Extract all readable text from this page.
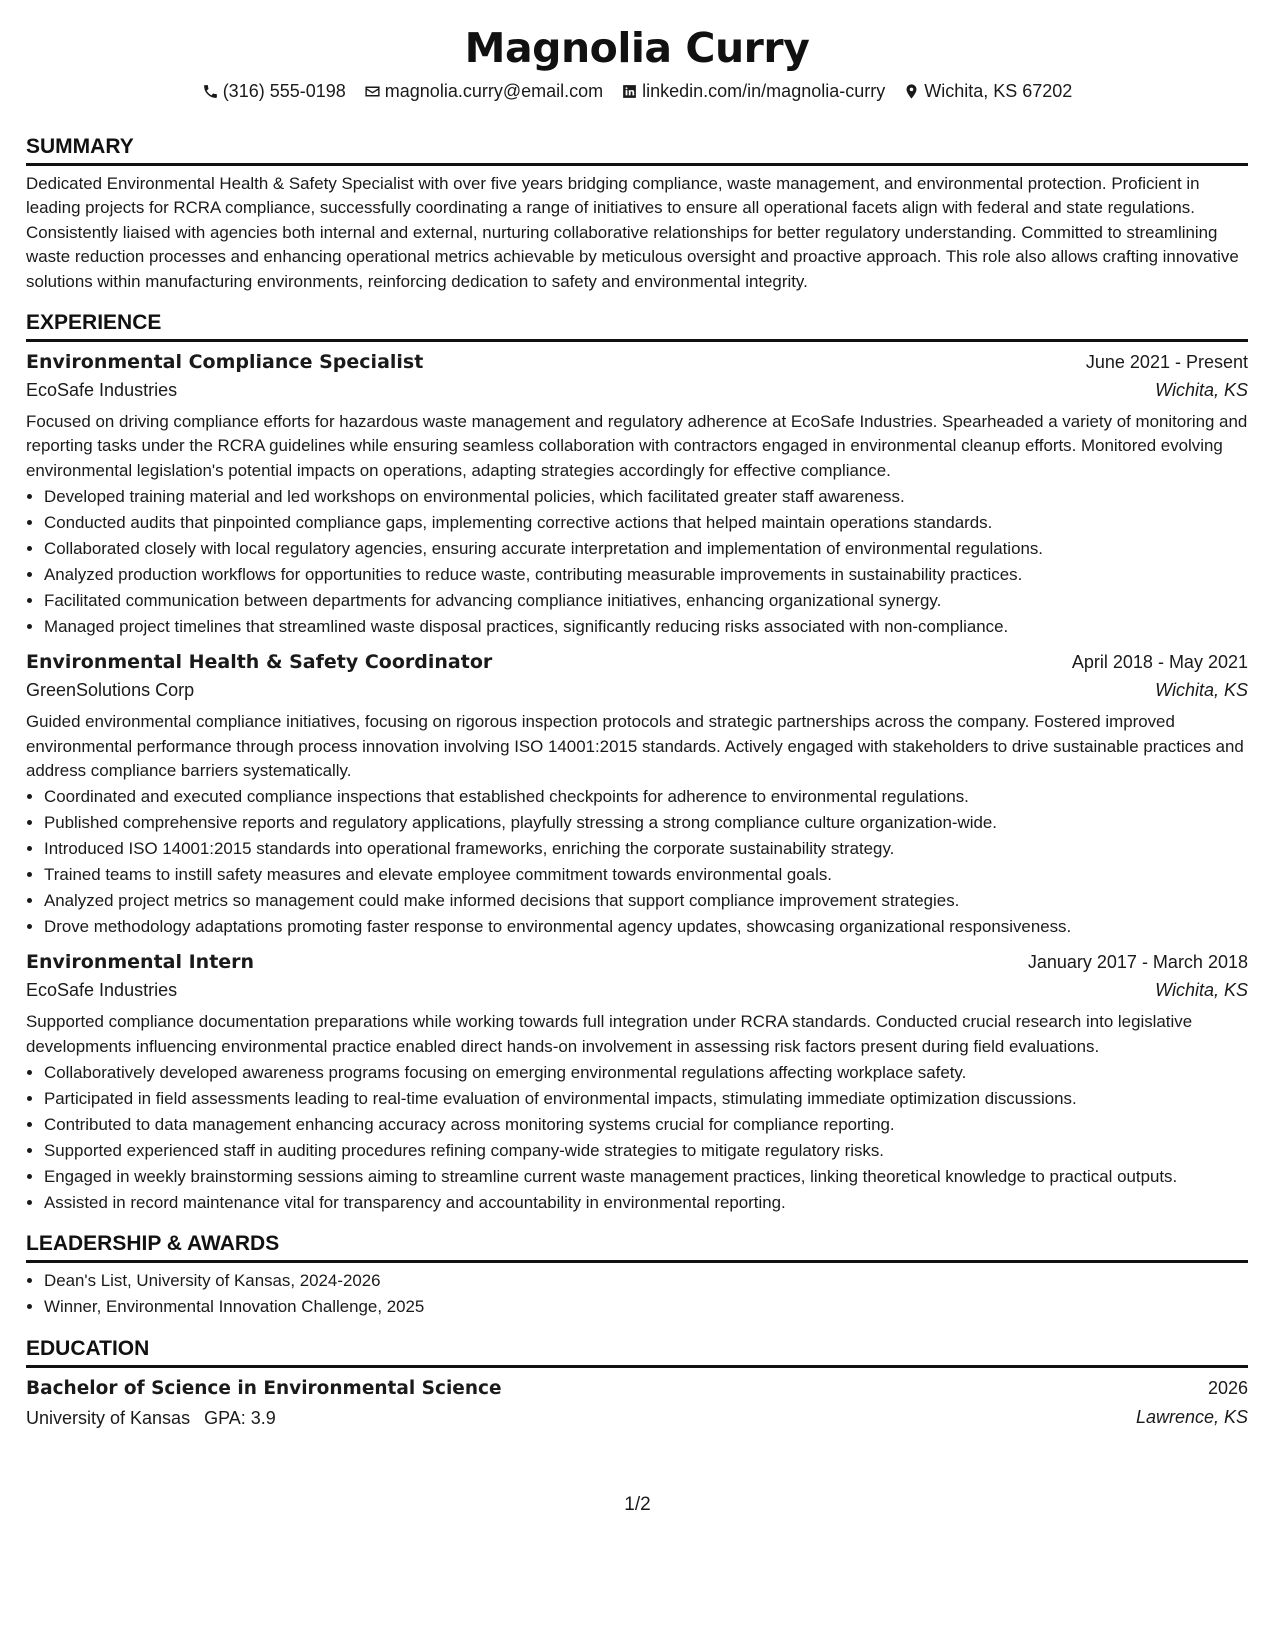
Magnolia Curry
(316) 555-0198 magnolia.curry@email.com linkedin.com/in/magnolia-curry Wichita, KS 67202
SUMMARY
Dedicated Environmental Health & Safety Specialist with over five years bridging compliance, waste management, and environmental protection. Proficient in leading projects for RCRA compliance, successfully coordinating a range of initiatives to ensure all operational facets align with federal and state regulations. Consistently liaised with agencies both internal and external, nurturing collaborative relationships for better regulatory understanding. Committed to streamlining waste reduction processes and enhancing operational metrics achievable by meticulous oversight and proactive approach. This role also allows crafting innovative solutions within manufacturing environments, reinforcing dedication to safety and environmental integrity.
EXPERIENCE
Environmental Compliance Specialist	June 2021 - Present
EcoSafe Industries	Wichita, KS
Focused on driving compliance efforts for hazardous waste management and regulatory adherence at EcoSafe Industries. Spearheaded a variety of monitoring and reporting tasks under the RCRA guidelines while ensuring seamless collaboration with contractors engaged in environmental cleanup efforts. Monitored evolving environmental legislation's potential impacts on operations, adapting strategies accordingly for effective compliance.
• Developed training material and led workshops on environmental policies, which facilitated greater staff awareness.
• Conducted audits that pinpointed compliance gaps, implementing corrective actions that helped maintain operations standards.
• Collaborated closely with local regulatory agencies, ensuring accurate interpretation and implementation of environmental regulations.
• Analyzed production workflows for opportunities to reduce waste, contributing measurable improvements in sustainability practices.
• Facilitated communication between departments for advancing compliance initiatives, enhancing organizational synergy.
• Managed project timelines that streamlined waste disposal practices, significantly reducing risks associated with non-compliance.
Environmental Health & Safety Coordinator	April 2018 - May 2021
GreenSolutions Corp	Wichita, KS
Guided environmental compliance initiatives, focusing on rigorous inspection protocols and strategic partnerships across the company. Fostered improved environmental performance through process innovation involving ISO 14001:2015 standards. Actively engaged with stakeholders to drive sustainable practices and address compliance barriers systematically.
• Coordinated and executed compliance inspections that established checkpoints for adherence to environmental regulations.
• Published comprehensive reports and regulatory applications, playfully stressing a strong compliance culture organization-wide.
• Introduced ISO 14001:2015 standards into operational frameworks, enriching the corporate sustainability strategy.
• Trained teams to instill safety measures and elevate employee commitment towards environmental goals.
• Analyzed project metrics so management could make informed decisions that support compliance improvement strategies.
• Drove methodology adaptations promoting faster response to environmental agency updates, showcasing organizational responsiveness.
Environmental Intern	January 2017 - March 2018
EcoSafe Industries	Wichita, KS
Supported compliance documentation preparations while working towards full integration under RCRA standards. Conducted crucial research into legislative developments influencing environmental practice enabled direct hands-on involvement in assessing risk factors present during field evaluations.
• Collaboratively developed awareness programs focusing on emerging environmental regulations affecting workplace safety.
• Participated in field assessments leading to real-time evaluation of environmental impacts, stimulating immediate optimization discussions.
• Contributed to data management enhancing accuracy across monitoring systems crucial for compliance reporting.
• Supported experienced staff in auditing procedures refining company-wide strategies to mitigate regulatory risks.
• Engaged in weekly brainstorming sessions aiming to streamline current waste management practices, linking theoretical knowledge to practical outputs.
• Assisted in record maintenance vital for transparency and accountability in environmental reporting.
LEADERSHIP & AWARDS
• Dean's List, University of Kansas, 2024-2026
• Winner, Environmental Innovation Challenge, 2025
EDUCATION
Bachelor of Science in Environmental Science	2026
University of Kansas GPA: 3.9	Lawrence, KS
1/2
